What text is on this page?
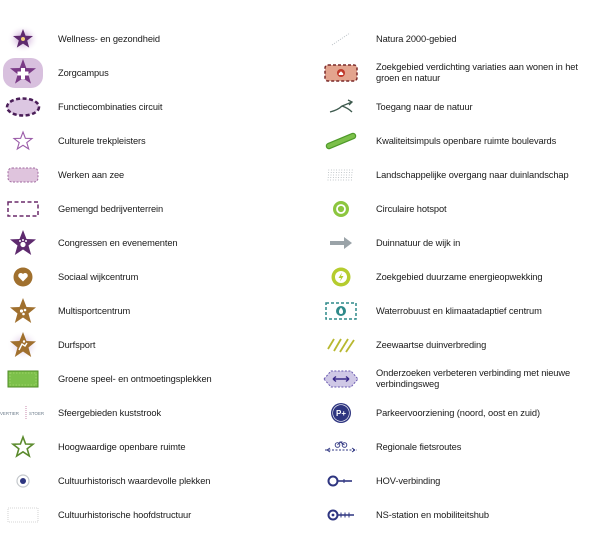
Wellness- en gezondheid
Zorgcampus
Functiecombinaties circuit
Culturele trekpleisters
Werken aan zee
Gemengd bedrijventerrein
Congressen en evenementen
Sociaal wijkcentrum
Multisportcentrum
Durfsport
Groene speel- en ontmoetingsplekken
VERTIER STOER Sfeergebieden kuststrook
Hoogwaardige openbare ruimte
Cultuurhistorisch waardevolle plekken
Cultuurhistorische hoofdstructuur
Natura 2000-gebied
Zoekgebied verdichting variaties aan wonen in het groen en natuur
Toegang naar de natuur
Kwaliteitsimpuls openbare ruimte boulevards
Landschappelijke overgang naar duinlandschap
Circulaire hotspot
Duinnatuur de wijk in
Zoekgebied duurzame energieopwekking
Waterrobuust en klimaatadaptief centrum
Zeewaartse duinverbreding
Onderzoeken verbeteren verbinding met nieuwe verbindingsweg
P+	Parkeervoorziening (noord, oost en zuid)
Regionale fietsroutes
HOV-verbinding
NS-station en mobiliteitshub
